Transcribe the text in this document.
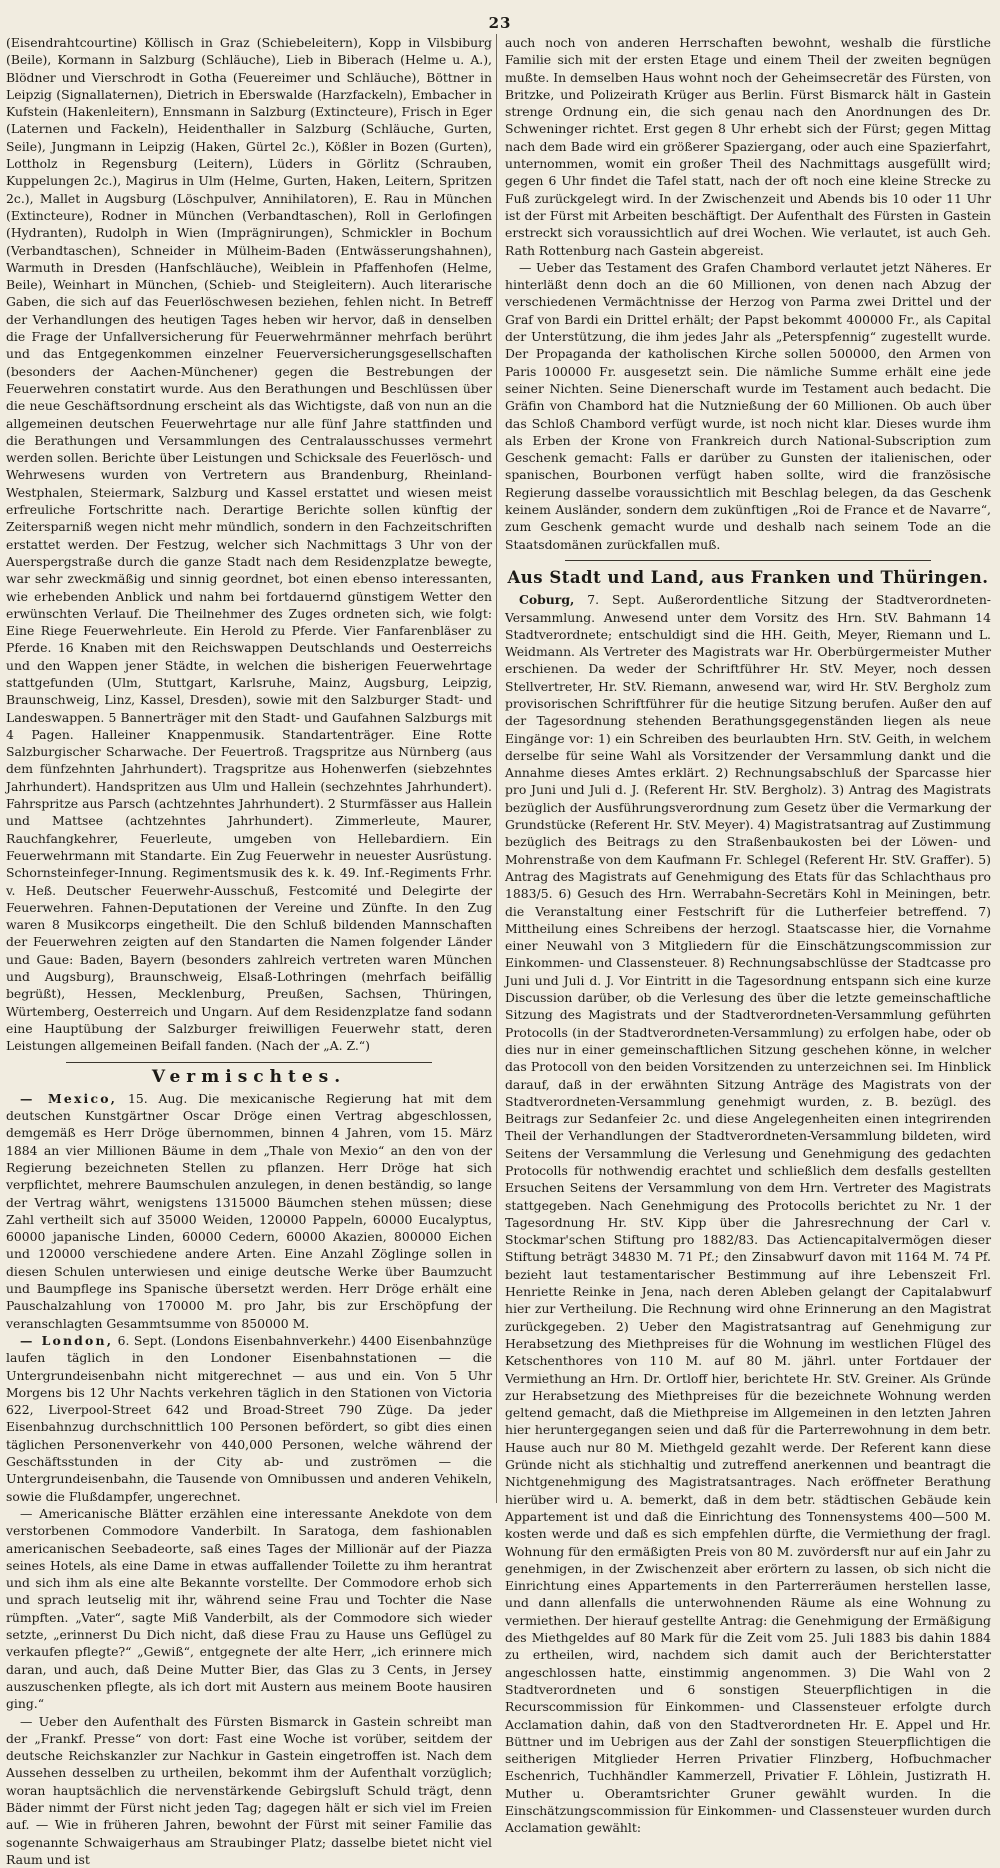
23

(Eisendrahtcourtine) Köllisch in Graz (Schiebeleitern), Kopp in Vilsbiburg (Beile), Kormann in Salzburg (Schläuche), Lieb in Biberach (Helme u. A.), Blödner und Vierschrodt in Gotha (Feuereimer und Schläuche), Böttner in Leipzig (Signallaternen), Dietrich in Eberswalde (Harzfackeln), Embacher in Kufstein (Hakenleitern), Ennsmann in Salzburg (Extincteure), Frisch in Eger (Laternen und Fackeln), Heidenthaller in Salzburg (Schläuche, Gurten, Seile), Jungmann in Leipzig (Haken, Gürtel 2c.), Kößler in Bozen (Gurten), Lottholz in Regensburg (Leitern), Lüders in Görlitz (Schrauben, Kuppelungen 2c.), Magirus in Ulm (Helme, Gurten, Haken, Leitern, Spritzen 2c.), Mallet in Augsburg (Löschpulver, Annihilatoren), E. Rau in München (Extincteure), Rodner in München (Verbandtaschen), Roll in Gerlofingen (Hydranten), Rudolph in Wien (Imprägnirungen), Schmickler in Bochum (Verbandtaschen), Schneider in Mülheim-Baden (Entwässerungshahnen), Warmuth in Dresden (Hanfschläuche), Weiblein in Pfaffenhofen (Helme, Beile), Weinhart in München, (Schieb- und Steigleitern). Auch literarische Gaben, die sich auf das Feuerlöschwesen beziehen, fehlen nicht. In Betreff der Verhandlungen des heutigen Tages heben wir hervor, daß in denselben die Frage der Unfallversicherung für Feuerwehrmänner mehrfach berührt und das Entgegenkommen einzelner Feuerversicherungsgesellschaften (besonders der Aachen-Münchener) gegen die Bestrebungen der Feuerwehren constatirt wurde. Aus den Berathungen und Beschlüssen über die neue Geschäftsordnung erscheint als das Wichtigste, daß von nun an die allgemeinen deutschen Feuerwehrtage nur alle fünf Jahre stattfinden und die Berathungen und Versammlungen des Centralausschusses vermehrt werden sollen. Berichte über Leistungen und Schicksale des Feuerlösch- und Wehrwesens wurden von Vertretern aus Brandenburg, Rheinland-Westphalen, Steiermark, Salzburg und Kassel erstattet und wiesen meist erfreuliche Fortschritte nach. Derartige Berichte sollen künftig der Zeitersparniß wegen nicht mehr mündlich, sondern in den Fachzeitschriften erstattet werden. Der Festzug, welcher sich Nachmittags 3 Uhr von der Auerspergstraße durch die ganze Stadt nach dem Residenzplatze bewegte, war sehr zweckmäßig und sinnig geordnet, bot einen ebenso interessanten, wie erhebenden Anblick und nahm bei fortdauernd günstigem Wetter den erwünschten Verlauf. Die Theilnehmer des Zuges ordneten sich, wie folgt: Eine Riege Feuerwehrleute. Ein Herold zu Pferde. Vier Fanfarenbläser zu Pferde. 16 Knaben mit den Reichswappen Deutschlands und Oesterreichs und den Wappen jener Städte, in welchen die bisherigen Feuerwehrtage stattgefunden (Ulm, Stuttgart, Karlsruhe, Mainz, Augsburg, Leipzig, Braunschweig, Linz, Kassel, Dresden), sowie mit den Salzburger Stadt- und Landeswappen. 5 Bannerträger mit den Stadt- und Gaufahnen Salzburgs mit 4 Pagen. Halleiner Knappenmusik. Standartenträger. Eine Rotte Salzburgischer Scharwache. Der Feuertroß. Tragspritze aus Nürnberg (aus dem fünfzehnten Jahrhundert). Tragspritze aus Hohenwerfen (siebzehntes Jahrhundert). Handspritzen aus Ulm und Hallein (sechzehntes Jahrhundert). Fahrspritze aus Parsch (achtzehntes Jahrhundert). 2 Sturmfässer aus Hallein und Mattsee (achtzehntes Jahrhundert). Zimmerleute, Maurer, Rauchfangkehrer, Feuerleute, umgeben von Hellebardiern. Ein Feuerwehrmann mit Standarte. Ein Zug Feuerwehr in neuester Ausrüstung. Schornsteinfeger-Innung. Regimentsmusik des k. k. 49. Inf.-Regiments Frhr. v. Heß. Deutscher Feuerwehr-Ausschuß, Festcomité und Delegirte der Feuerwehren. Fahnen-Deputationen der Vereine und Zünfte. In den Zug waren 8 Musikcorps eingetheilt. Die den Schluß bildenden Mannschaften der Feuerwehren zeigten auf den Standarten die Namen folgender Länder und Gaue: Baden, Bayern (besonders zahlreich vertreten waren München und Augsburg), Braunschweig, Elsaß-Lothringen (mehrfach beifällig begrüßt), Hessen, Mecklenburg, Preußen, Sachsen, Thüringen, Würtemberg, Oesterreich und Ungarn. Auf dem Residenzplatze fand sodann eine Hauptübung der Salzburger freiwilligen Feuerwehr statt, deren Leistungen allgemeinen Beifall fanden. (Nach der „A. Z.“)

Vermischtes.

— Mexico, 15. Aug. Die mexicanische Regierung hat mit dem deutschen Kunstgärtner Oscar Dröge einen Vertrag abgeschlossen, demgemäß es Herr Dröge übernommen, binnen 4 Jahren, vom 15. März 1884 an vier Millionen Bäume in dem „Thale von Mexio“ an den von der Regierung bezeichneten Stellen zu pflanzen. Herr Dröge hat sich verpflichtet, mehrere Baumschulen anzulegen, in denen beständig, so lange der Vertrag währt, wenigstens 1315000 Bäumchen stehen müssen; diese Zahl vertheilt sich auf 35000 Weiden, 120000 Pappeln, 60000 Eucalyptus, 60000 japanische Linden, 60000 Cedern, 60000 Akazien, 800000 Eichen und 120000 verschiedene andere Arten. Eine Anzahl Zöglinge sollen in diesen Schulen unterwiesen und einige deutsche Werke über Baumzucht und Baumpflege ins Spanische übersetzt werden. Herr Dröge erhält eine Pauschalzahlung von 170000 M. pro Jahr, bis zur Erschöpfung der veranschlagten Gesammtsumme von 850000 M.

— London, 6. Sept. (Londons Eisenbahnverkehr.) 4400 Eisenbahnzüge laufen täglich in den Londoner Eisenbahnstationen — die Untergrundeisenbahn nicht mitgerechnet — aus und ein. Von 5 Uhr Morgens bis 12 Uhr Nachts verkehren täglich in den Stationen von Victoria 622, Liverpool-Street 642 und Broad-Street 790 Züge. Da jeder Eisenbahnzug durchschnittlich 100 Personen befördert, so gibt dies einen täglichen Personenverkehr von 440,000 Personen, welche während der Geschäftsstunden in der City ab- und zuströmen — die Untergrundeisenbahn, die Tausende von Omnibussen und anderen Vehikeln, sowie die Flußdampfer, ungerechnet.

— Americanische Blätter erzählen eine interessante Anekdote von dem verstorbenen Commodore Vanderbilt. In Saratoga, dem fashionablen americanischen Seebadeorte, saß eines Tages der Millionär auf der Piazza seines Hotels, als eine Dame in etwas auffallender Toilette zu ihm herantrat und sich ihm als eine alte Bekannte vorstellte. Der Commodore erhob sich und sprach leutselig mit ihr, während seine Frau und Tochter die Nase rümpften. „Vater“, sagte Miß Vanderbilt, als der Commodore sich wieder setzte, „erinnerst Du Dich nicht, daß diese Frau zu Hause uns Geflügel zu verkaufen pflegte?“ „Gewiß“, entgegnete der alte Herr, „ich erinnere mich daran, und auch, daß Deine Mutter Bier, das Glas zu 3 Cents, in Jersey auszuschenken pflegte, als ich dort mit Austern aus meinem Boote hausiren ging.“

— Ueber den Aufenthalt des Fürsten Bismarck in Gastein schreibt man der „Frankf. Presse“ von dort: Fast eine Woche ist vorüber, seitdem der deutsche Reichskanzler zur Nachkur in Gastein eingetroffen ist. Nach dem Aussehen desselben zu urtheilen, bekommt ihm der Aufenthalt vorzüglich; woran hauptsächlich die nervenstärkende Gebirgsluft Schuld trägt, denn Bäder nimmt der Fürst nicht jeden Tag; dagegen hält er sich viel im Freien auf. — Wie in früheren Jahren, bewohnt der Fürst mit seiner Familie das sogenannte Schwaigerhaus am Straubinger Platz; dasselbe bietet nicht viel Raum und ist

auch noch von anderen Herrschaften bewohnt, weshalb die fürstliche Familie sich mit der ersten Etage und einem Theil der zweiten begnügen mußte. In demselben Haus wohnt noch der Geheimsecretär des Fürsten, von Britzke, und Polizeirath Krüger aus Berlin. Fürst Bismarck hält in Gastein strenge Ordnung ein, die sich genau nach den Anordnungen des Dr. Schweninger richtet. Erst gegen 8 Uhr erhebt sich der Fürst; gegen Mittag nach dem Bade wird ein größerer Spaziergang, oder auch eine Spazierfahrt, unternommen, womit ein großer Theil des Nachmittags ausgefüllt wird; gegen 6 Uhr findet die Tafel statt, nach der oft noch eine kleine Strecke zu Fuß zurückgelegt wird. In der Zwischenzeit und Abends bis 10 oder 11 Uhr ist der Fürst mit Arbeiten beschäftigt. Der Aufenthalt des Fürsten in Gastein erstreckt sich voraussichtlich auf drei Wochen. Wie verlautet, ist auch Geh. Rath Rottenburg nach Gastein abgereist.

— Ueber das Testament des Grafen Chambord verlautet jetzt Näheres. Er hinterläßt denn doch an die 60 Millionen, von denen nach Abzug der verschiedenen Vermächtnisse der Herzog von Parma zwei Drittel und der Graf von Bardi ein Drittel erhält; der Papst bekommt 400000 Fr., als Capital der Unterstützung, die ihm jedes Jahr als „Peterspfennig“ zugestellt wurde. Der Propaganda der katholischen Kirche sollen 500000, den Armen von Paris 100000 Fr. ausgesetzt sein. Die nämliche Summe erhält eine jede seiner Nichten. Seine Dienerschaft wurde im Testament auch bedacht. Die Gräfin von Chambord hat die Nutznießung der 60 Millionen. Ob auch über das Schloß Chambord verfügt wurde, ist noch nicht klar. Dieses wurde ihm als Erben der Krone von Frankreich durch National-Subscription zum Geschenk gemacht: Falls er darüber zu Gunsten der italienischen, oder spanischen, Bourbonen verfügt haben sollte, wird die französische Regierung dasselbe voraussichtlich mit Beschlag belegen, da das Geschenk keinem Ausländer, sondern dem zukünftigen „Roi de France et de Navarre“, zum Geschenk gemacht wurde und deshalb nach seinem Tode an die Staatsdomänen zurückfallen muß.

Aus Stadt und Land, aus Franken und Thüringen.

Coburg, 7. Sept. Außerordentliche Sitzung der Stadtverordneten-Versammlung. Anwesend unter dem Vorsitz des Hrn. StV. Bahmann 14 Stadtverordnete; entschuldigt sind die HH. Geith, Meyer, Riemann und L. Weidmann. Als Vertreter des Magistrats war Hr. Oberbürgermeister Muther erschienen. Da weder der Schriftführer Hr. StV. Meyer, noch dessen Stellvertreter, Hr. StV. Riemann, anwesend war, wird Hr. StV. Bergholz zum provisorischen Schriftführer für die heutige Sitzung berufen. Außer den auf der Tagesordnung stehenden Berathungsgegenständen liegen als neue Eingänge vor: 1) ein Schreiben des beurlaubten Hrn. StV. Geith, in welchem derselbe für seine Wahl als Vorsitzender der Versammlung dankt und die Annahme dieses Amtes erklärt. 2) Rechnungsabschluß der Sparcasse hier pro Juni und Juli d. J. (Referent Hr. StV. Bergholz). 3) Antrag des Magistrats bezüglich der Ausführungsverordnung zum Gesetz über die Vermarkung der Grundstücke (Referent Hr. StV. Meyer). 4) Magistratsantrag auf Zustimmung bezüglich des Beitrags zu den Straßenbaukosten bei der Löwen- und Mohrenstraße von dem Kaufmann Fr. Schlegel (Referent Hr. StV. Graffer). 5) Antrag des Magistrats auf Genehmigung des Etats für das Schlachthaus pro 1883/5. 6) Gesuch des Hrn. Werrabahn-Secretärs Kohl in Meiningen, betr. die Veranstaltung einer Festschrift für die Lutherfeier betreffend. 7) Mittheilung eines Schreibens der herzogl. Staatscasse hier, die Vornahme einer Neuwahl von 3 Mitgliedern für die Einschätzungscommission zur Einkommen- und Classensteuer. 8) Rechnungsabschlüsse der Stadtcasse pro Juni und Juli d. J. Vor Eintritt in die Tagesordnung entspann sich eine kurze Discussion darüber, ob die Verlesung des über die letzte gemeinschaftliche Sitzung des Magistrats und der Stadtverordneten-Versammlung geführten Protocolls (in der Stadtverordneten-Versammlung) zu erfolgen habe, oder ob dies nur in einer gemeinschaftlichen Sitzung geschehen könne, in welcher das Protocoll von den beiden Vorsitzenden zu unterzeichnen sei. Im Hinblick darauf, daß in der erwähnten Sitzung Anträge des Magistrats von der Stadtverordneten-Versammlung genehmigt wurden, z. B. bezügl. des Beitrags zur Sedanfeier 2c. und diese Angelegenheiten einen integrirenden Theil der Verhandlungen der Stadtverordneten-Versammlung bildeten, wird Seitens der Versammlung die Verlesung und Genehmigung des gedachten Protocolls für nothwendig erachtet und schließlich dem desfalls gestellten Ersuchen Seitens der Versammlung von dem Hrn. Vertreter des Magistrats stattgegeben. Nach Genehmigung des Protocolls berichtet zu Nr. 1 der Tagesordnung Hr. StV. Kipp über die Jahresrechnung der Carl v. Stockmar'schen Stiftung pro 1882/83. Das Actiencapitalvermögen dieser Stiftung beträgt 34830 M. 71 Pf.; den Zinsabwurf davon mit 1164 M. 74 Pf. bezieht laut testamentarischer Bestimmung auf ihre Lebenszeit Frl. Henriette Reinke in Jena, nach deren Ableben gelangt der Capitalabwurf hier zur Vertheilung. Die Rechnung wird ohne Erinnerung an den Magistrat zurückgegeben. 2) Ueber den Magistratsantrag auf Genehmigung zur Herabsetzung des Miethpreises für die Wohnung im westlichen Flügel des Ketschenthores von 110 M. auf 80 M. jährl. unter Fortdauer der Vermiethung an Hrn. Dr. Ortloff hier, berichtete Hr. StV. Greiner. Als Gründe zur Herabsetzung des Miethpreises für die bezeichnete Wohnung werden geltend gemacht, daß die Miethpreise im Allgemeinen in den letzten Jahren hier heruntergegangen seien und daß für die Parterrewohnung in dem betr. Hause auch nur 80 M. Miethgeld gezahlt werde. Der Referent kann diese Gründe nicht als stichhaltig und zutreffend anerkennen und beantragt die Nichtgenehmigung des Magistratsantrages. Nach eröffneter Berathung hierüber wird u. A. bemerkt, daß in dem betr. städtischen Gebäude kein Appartement ist und daß die Einrichtung des Tonnensystems 400—500 M. kosten werde und daß es sich empfehlen dürfte, die Vermiethung der fragl. Wohnung für den ermäßigten Preis von 80 M. zuvördersft nur auf ein Jahr zu genehmigen, in der Zwischenzeit aber erörtern zu lassen, ob sich nicht die Einrichtung eines Appartements in den Parterreräumen herstellen lasse, und dann allenfalls die unterwohnenden Räume als eine Wohnung zu vermiethen. Der hierauf gestellte Antrag: die Genehmigung der Ermäßigung des Miethgeldes auf 80 Mark für die Zeit vom 25. Juli 1883 bis dahin 1884 zu ertheilen, wird, nachdem sich damit auch der Berichterstatter angeschlossen hatte, einstimmig angenommen. 3) Die Wahl von 2 Stadtverordneten und 6 sonstigen Steuerpflichtigen in die Recurscommission für Einkommen- und Classensteuer erfolgte durch Acclamation dahin, daß von den Stadtverordneten Hr. E. Appel und Hr. Büttner und im Uebrigen aus der Zahl der sonstigen Steuerpflichtigen die seitherigen Mitglieder Herren Privatier Flinzberg, Hofbuchmacher Eschenrich, Tuchhändler Kammerzell, Privatier F. Löhlein, Justizrath H. Muther u. Oberamtsrichter Gruner gewählt wurden. In die Einschätzungscommission für Einkommen- und Classensteuer wurden durch Acclamation gewählt:
